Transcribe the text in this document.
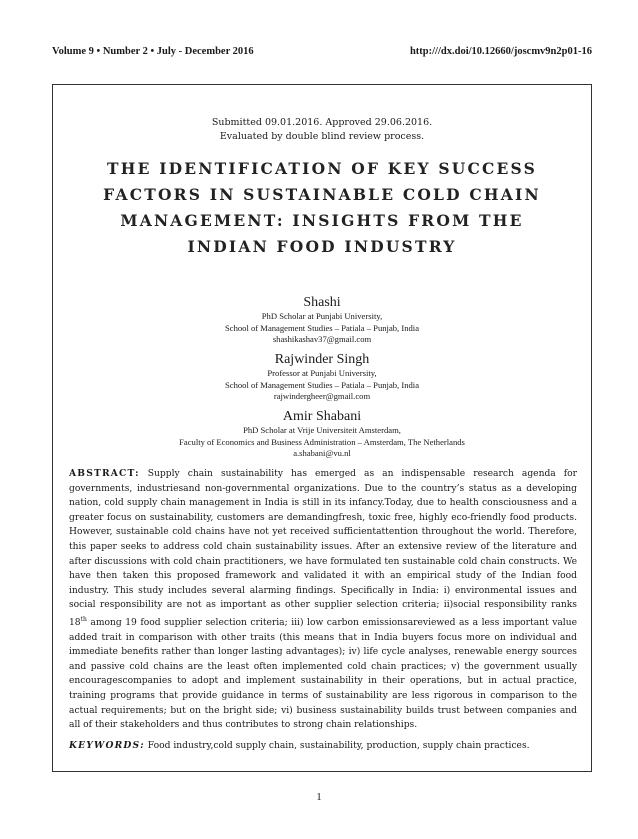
Volume 9 • Number 2 • July - December 2016	http:///dx.doi/10.12660/joscmv9n2p01-16
Submitted 09.01.2016. Approved 29.06.2016.
Evaluated by double blind review process.
THE IDENTIFICATION OF KEY SUCCESS FACTORS IN SUSTAINABLE COLD CHAIN MANAGEMENT: INSIGHTS FROM THE INDIAN FOOD INDUSTRY
Shashi
PhD Scholar at Punjabi University,
School of Management Studies – Patiala – Punjab, India
shashikashav37@gmail.com
Rajwinder Singh
Professor at Punjabi University,
School of Management Studies – Patiala – Punjab, India
rajwindergheer@gmail.com
Amir Shabani
PhD Scholar at Vrije Universiteit Amsterdam,
Faculty of Economics and Business Administration – Amsterdam, The Netherlands
a.shabani@vu.nl
ABSTRACT: Supply chain sustainability has emerged as an indispensable research agenda for governments, industriesand non-governmental organizations. Due to the country’s status as a developing nation, cold supply chain management in India is still in its infancy.Today, due to health consciousness and a greater focus on sustainability, customers are demandingfresh, toxic free, highly eco-friendly food products. However, sustainable cold chains have not yet received sufficientattention throughout the world. Therefore, this paper seeks to address cold chain sustainability issues. After an extensive review of the literature and after discussions with cold chain practitioners, we have formulated ten sustainable cold chain constructs. We have then taken this proposed framework and validated it with an empirical study of the Indian food industry. This study includes several alarming findings. Specifically in India: i) environmental issues and social responsibility are not as important as other supplier selection criteria; ii)social responsibility ranks 18th among 19 food supplier selection criteria; iii) low carbon emissionsareviewed as a less important value added trait in comparison with other traits (this means that in India buyers focus more on individual and immediate benefits rather than longer lasting advantages); iv) life cycle analyses, renewable energy sources and passive cold chains are the least often implemented cold chain practices; v) the government usually encouragescompanies to adopt and implement sustainability in their operations, but in actual practice, training programs that provide guidance in terms of sustainability are less rigorous in comparison to the actual requirements; but on the bright side; vi) business sustainability builds trust between companies and all of their stakeholders and thus contributes to strong chain relationships.
KEYWORDS: Food industry,cold supply chain, sustainability, production, supply chain practices.
1
